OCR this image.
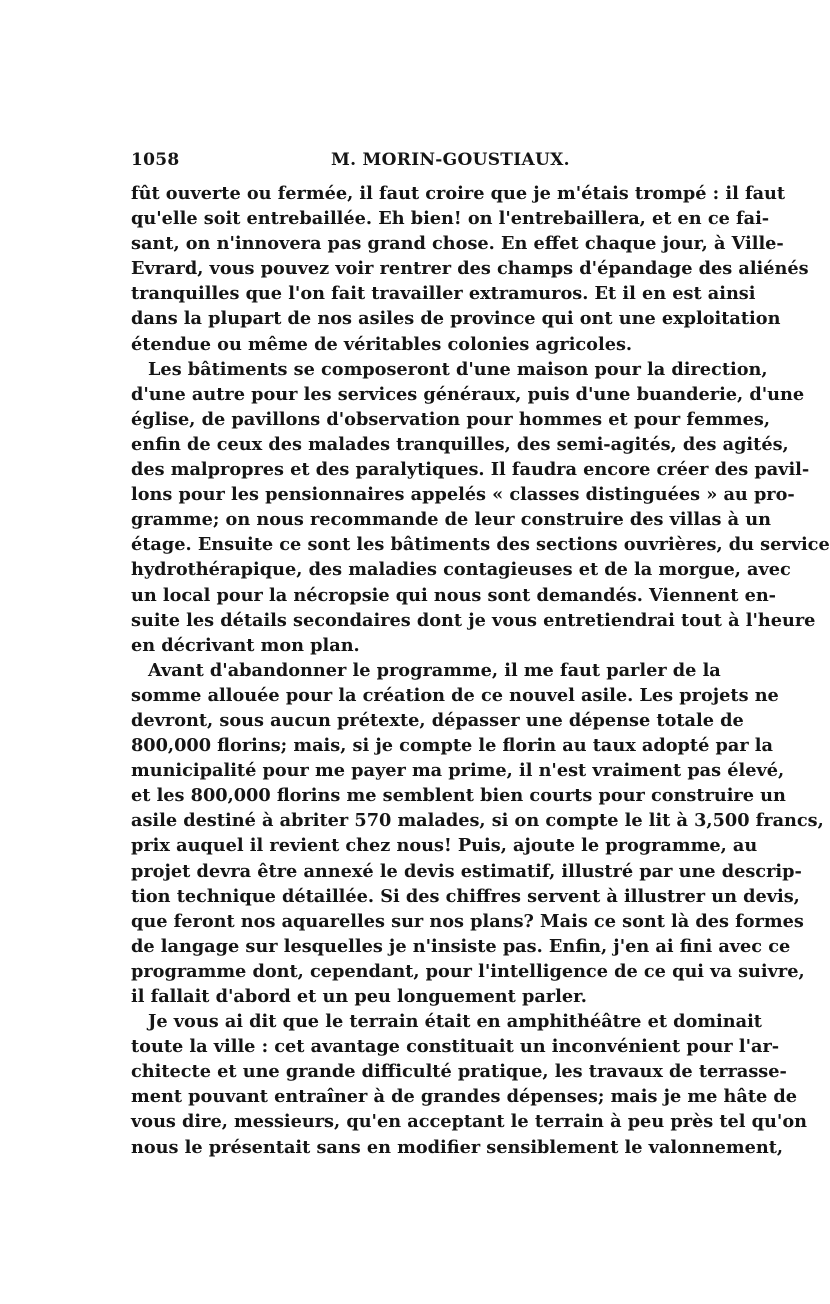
1058	M. MORIN-GOUSTIAUX.
fût ouverte ou fermée, il faut croire que je m'étais trompé : il faut
qu'elle soit entrebaillée. Eh bien! on l'entrebaillera, et en ce fai-
sant, on n'innovera pas grand chose. En effet chaque jour, à Ville-
Evrard, vous pouvez voir rentrer des champs d'épandage des aliénés
tranquilles que l'on fait travailler extramuros. Et il en est ainsi
dans la plupart de nos asiles de province qui ont une exploitation
étendue ou même de véritables colonies agricoles.
Les bâtiments se composeront d'une maison pour la direction,
d'une autre pour les services généraux, puis d'une buanderie, d'une
église, de pavillons d'observation pour hommes et pour femmes,
enfin de ceux des malades tranquilles, des semi-agités, des agités,
des malpropres et des paralytiques. Il faudra encore créer des pavil-
lons pour les pensionnaires appelés « classes distinguées » au pro-
gramme; on nous recommande de leur construire des villas à un
étage. Ensuite ce sont les bâtiments des sections ouvrières, du service
hydrothérapique, des maladies contagieuses et de la morgue, avec
un local pour la nécropsie qui nous sont demandés. Viennent en-
suite les détails secondaires dont je vous entretiendrai tout à l'heure
en décrivant mon plan.
Avant d'abandonner le programme, il me faut parler de la
somme allouée pour la création de ce nouvel asile. Les projets ne
devront, sous aucun prétexte, dépasser une dépense totale de
800,000 florins; mais, si je compte le florin au taux adopté par la
municipalité pour me payer ma prime, il n'est vraiment pas élevé,
et les 800,000 florins me semblent bien courts pour construire un
asile destiné à abriter 570 malades, si on compte le lit à 3,500 francs,
prix auquel il revient chez nous! Puis, ajoute le programme, au
projet devra être annexé le devis estimatif, illustré par une descrip-
tion technique détaillée. Si des chiffres servent à illustrer un devis,
que feront nos aquarelles sur nos plans? Mais ce sont là des formes
de langage sur lesquelles je n'insiste pas. Enfin, j'en ai fini avec ce
programme dont, cependant, pour l'intelligence de ce qui va suivre,
il fallait d'abord et un peu longuement parler.
Je vous ai dit que le terrain était en amphithéâtre et dominait
toute la ville : cet avantage constituait un inconvénient pour l'ar-
chitecte et une grande difficulté pratique, les travaux de terrasse-
ment pouvant entraîner à de grandes dépenses; mais je me hâte de
vous dire, messieurs, qu'en acceptant le terrain à peu près tel qu'on
nous le présentait sans en modifier sensiblement le valonnement,
